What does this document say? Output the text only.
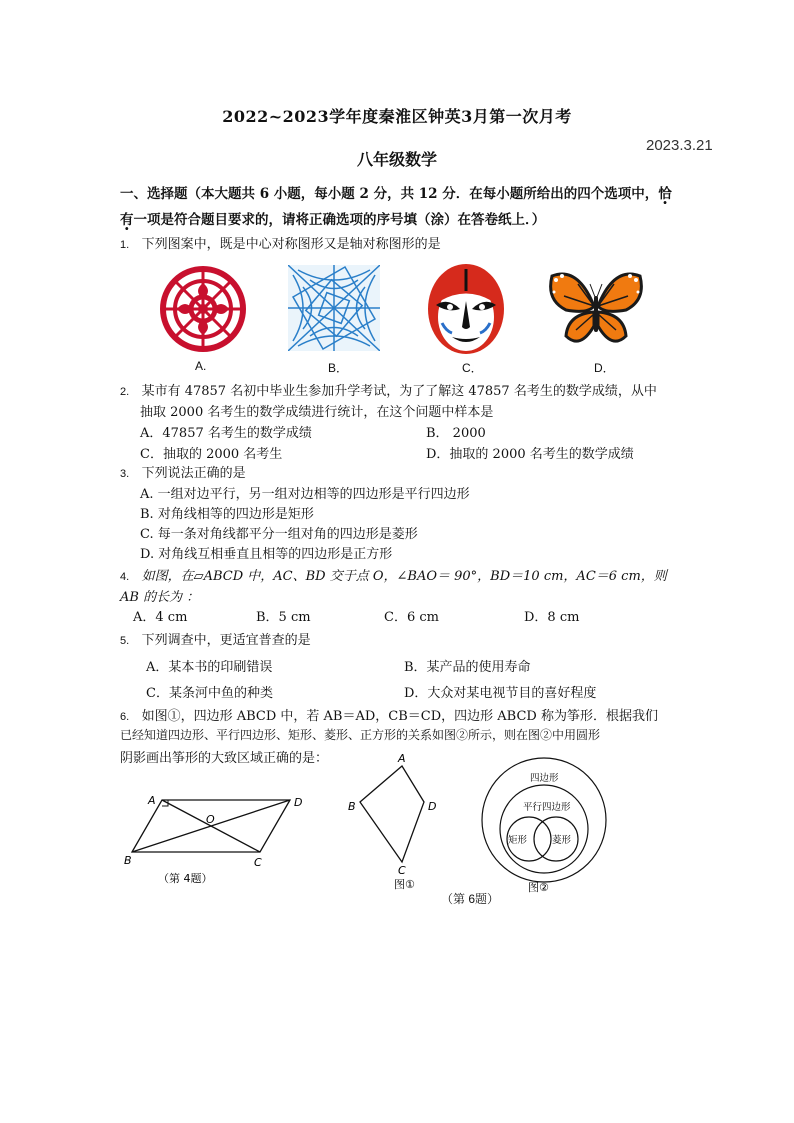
2022~2023学年度秦淮区钟英3月第一次月考
2023.3.21
八年级数学
一、选择题（本大题共 6 小题，每小题 2 分，共 12 分．在每小题所给出的四个选项中，恰
有一项是符合题目要求的，请将正确选项的序号填（涂）在答卷纸上．）
1. 下列图案中，既是中心对称图形又是轴对称图形的是
A.	B．	C．	D．
2. 某市有 47857 名初中毕业生参加升学考试，为了了解这 47857 名考生的数学成绩，从中
抽取 2000 名考生的数学成绩进行统计，在这个问题中样本是
A．47857 名考生的数学成绩	B． 2000
C．抽取的 2000 名考生	D．抽取的 2000 名考生的数学成绩
3. 下列说法正确的是
A. 一组对边平行，另一组对边相等的四边形是平行四边形
B. 对角线相等的四边形是矩形
C. 每一条对角线都平分一组对角的四边形是菱形
D. 对角线互相垂直且相等的四边形是正方形
4. 如图，在▱ABCD 中，AC、BD 交于点 O，∠BAO＝ 90°，BD＝10 cm，AC＝6 cm，则
AB 的长为 ：
A．4 cm	B．5 cm	C．6 cm	D．8 cm
5. 下列调查中，更适宜普查的是
A．某本书的印刷错误	B．某产品的使用寿命
C．某条河中鱼的种类	D．大众对某电视节目的喜好程度
6. 如图①，四边形 ABCD 中，若 AB＝AD，CB＝CD，四边形 ABCD 称为筝形．根据我们
已经知道四边形、平行四边形、矩形、菱形、正方形的关系如图②所示，则在图②中用圆形
阴影画出筝形的大致区域正确的是：
A	D
O
B	C
（第 4题）
A
B	D
C
图①
四边形
平行四边形
矩形	菱形
图②
（第 6题）
